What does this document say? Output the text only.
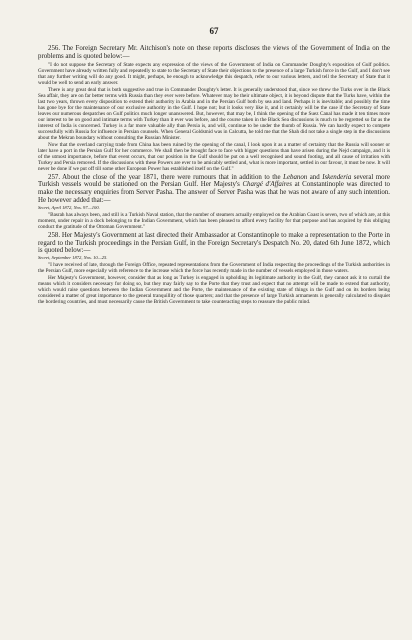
67

256. The Foreign Secretary Mr. Aitchison's note on these reports discloses the views of the Government of India on the problems and is quoted below:—

"I do not suppose the Secretary of State expects any expression of the views of the Government of India on Commander Doughty's exposition of Gulf politics. Government have already written fully and repeatedly to state to the Secretary of State their objections to the presence of a large Turkish force in the Gulf, and I don't see that any further writing will do any good. It might, perhaps, be enough to acknowledge this despatch, refer to our various letters, and tell the Secretary of State that it would be well to send an early answer.

There is any great deal that is both suggestive and true in Commander Doughty's letter. It is generally understood that, since we threw the Turks over in the Black Sea affair, they are on far better terms with Russia than they ever were before. Whatever may be their ultimate object, it is beyond dispute that the Turks have, within the last two years, thrown every disposition to extend their authority in Arabia and in the Persian Gulf both by sea and land. Perhaps it is inevitable; and possibly the time has gone bye for the maintenance of our exclusive authority in the Gulf. I hope not; but it looks very like it, and it certainly will be the case if the Secretary of State leaves our numerous despatches on Gulf politics much longer unanswered. But, however, that may be, I think the opening of the Suez Canal has made it ten times more our interest to be on good and intimate terms with Turkey than it ever was before, and the course taken in the Black Sea discussions is much to be regretted so far as the interest of India is concerned. Turkey is a far more valuable ally than Persia is, and will, continue to be under the thumb of Russia. We can hardly expect to compete successfully with Russia for influence in Persian counsels. When General Goldsmid was in Calcutta, he told me that the Shah did not take a single step in the discussions about the Mekran boundary without consulting the Russian Minister.

Now that the overland carrying trade from China has been ruined by the opening of the canal, I look upon it as a matter of certainty that the Russia will sooner or later have a port in the Persian Gulf for her commerce. We shall then be brought face to face with bigger questions than have arisen during the Nejd campaign, and it is of the utmost importance, before that event occurs, that our position in the Gulf should be put on a well recognised and sound footing, and all cause of irritation with Turkey and Persia removed. If the discussions with these Powers are ever to be amicably settled and, what is more important, settled in our favour, it must be now. It will never be done if we put off till some other European Power has established itself on the Gulf."

257. About the close of the year 1871, there were rumours that in addition to the Lebanon and Iskenderia several more Turkish vessels would be stationed on the Persian Gulf. Her Majesty's Chargé d'Affaires at Constantinople was directed to make the necessary enquiries from Server Pasha. The answer of Server Pasha was that he was not aware of any such intention. He however added that:—

Secret, April 1872, Nos. 97—100.

"Basrah has always been, and still is a Turkish Naval station, that the number of steamers actually employed on the Arabian Coast is seven, two of which are, at this moment, under repair in a dock belonging to the Indian Government, which has been pleased to afford every facility for that purpose and has acquired by this obliging conduct the gratitude of the Ottoman Government."

258. Her Majesty's Government at last directed their Ambassador at Constantinople to make a representation to the Porte in regard to the Turkish proceedings in the Persian Gulf, in the Foreign Secretary's Despatch No. 20, dated 6th June 1872, which is quoted below:—

Secret, September 1872, Nos. 10—25.

"I have received of late, through the Foreign Office, repeated representations from the Government of India respecting the proceedings of the Turkish authorities in the Persian Gulf, more especially with reference to the increase which the force has recently made in the number of vessels employed in those waters.

Her Majesty's Government, however, consider that as long as Turkey is engaged in upholding its legitimate authority in the Gulf, they cannot ask it to curtail the means which it considers necessary for doing so, but they may fairly say to the Porte that they trust and expect that no attempt will be made to extend that authority, which would raise questions between the Indian Government and the Porte, the maintenance of the existing state of things in the Gulf and on its borders being considered a matter of great importance to the general tranquillity of those quarters; and that the presence of large Turkish armaments is generally calculated to disquiet the bordering countries, and must necessarily cause the British Government to take counteracting steps to reassure the public mind.
